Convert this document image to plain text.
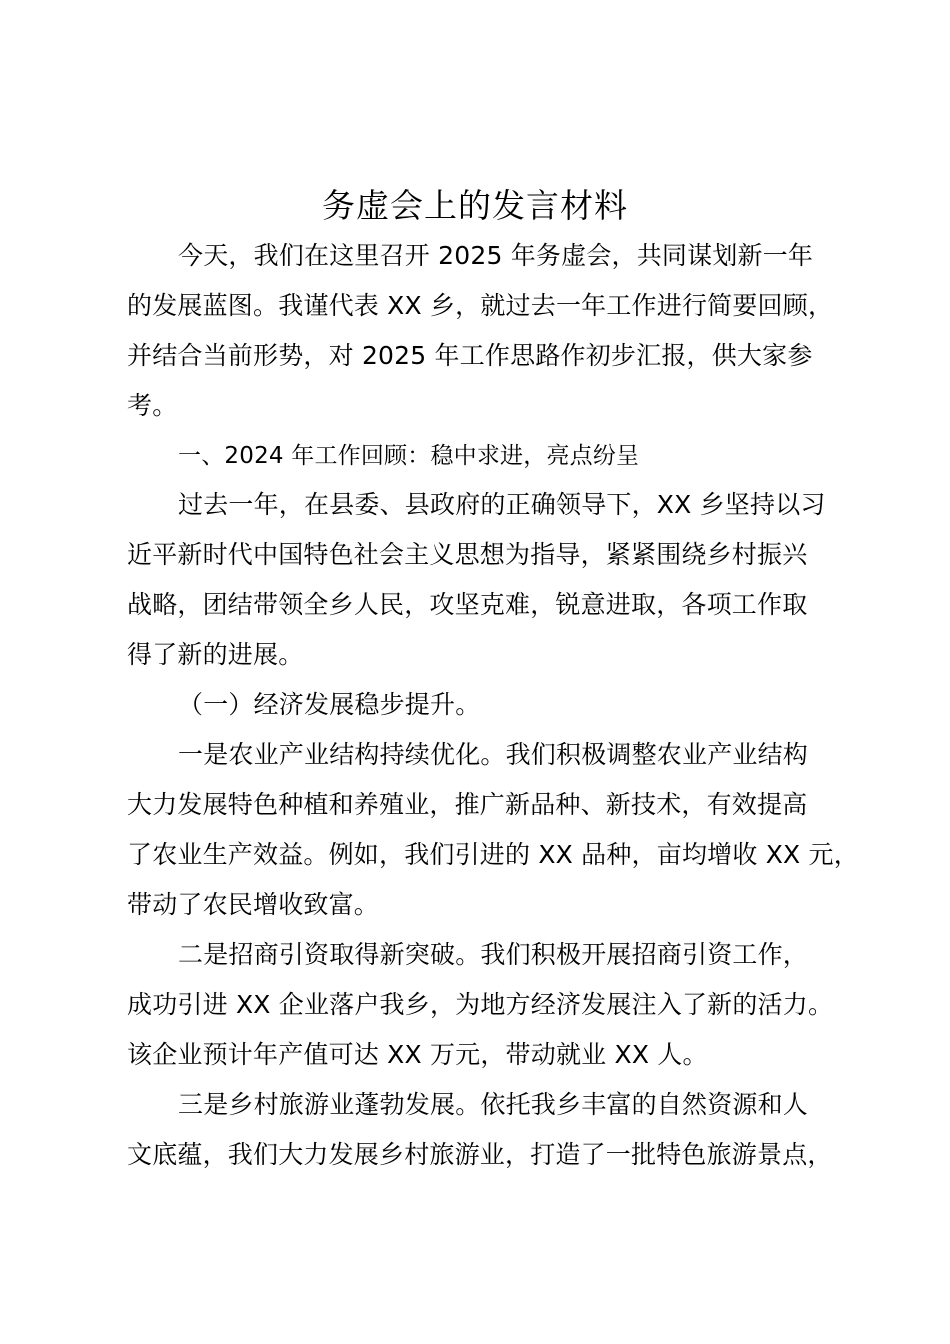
务虚会上的发言材料
今天，我们在这里召开 2025 年务虚会，共同谋划新一年
的发展蓝图。我谨代表 XX 乡，就过去一年工作进行简要回顾，
并结合当前形势，对 2025 年工作思路作初步汇报，供大家参
考。
一、2024 年工作回顾：稳中求进，亮点纷呈
过去一年，在县委、县政府的正确领导下，XX 乡坚持以习
近平新时代中国特色社会主义思想为指导，紧紧围绕乡村振兴
战略，团结带领全乡人民，攻坚克难，锐意进取，各项工作取
得了新的进展。
（一）经济发展稳步提升。
一是农业产业结构持续优化。我们积极调整农业产业结构
大力发展特色种植和养殖业，推广新品种、新技术，有效提高
了农业生产效益。例如，我们引进的 XX 品种，亩均增收 XX 元，
带动了农民增收致富。
二是招商引资取得新突破。我们积极开展招商引资工作，
成功引进 XX 企业落户我乡，为地方经济发展注入了新的活力。
该企业预计年产值可达 XX 万元，带动就业 XX 人。
三是乡村旅游业蓬勃发展。依托我乡丰富的自然资源和人
文底蕴，我们大力发展乡村旅游业，打造了一批特色旅游景点，
